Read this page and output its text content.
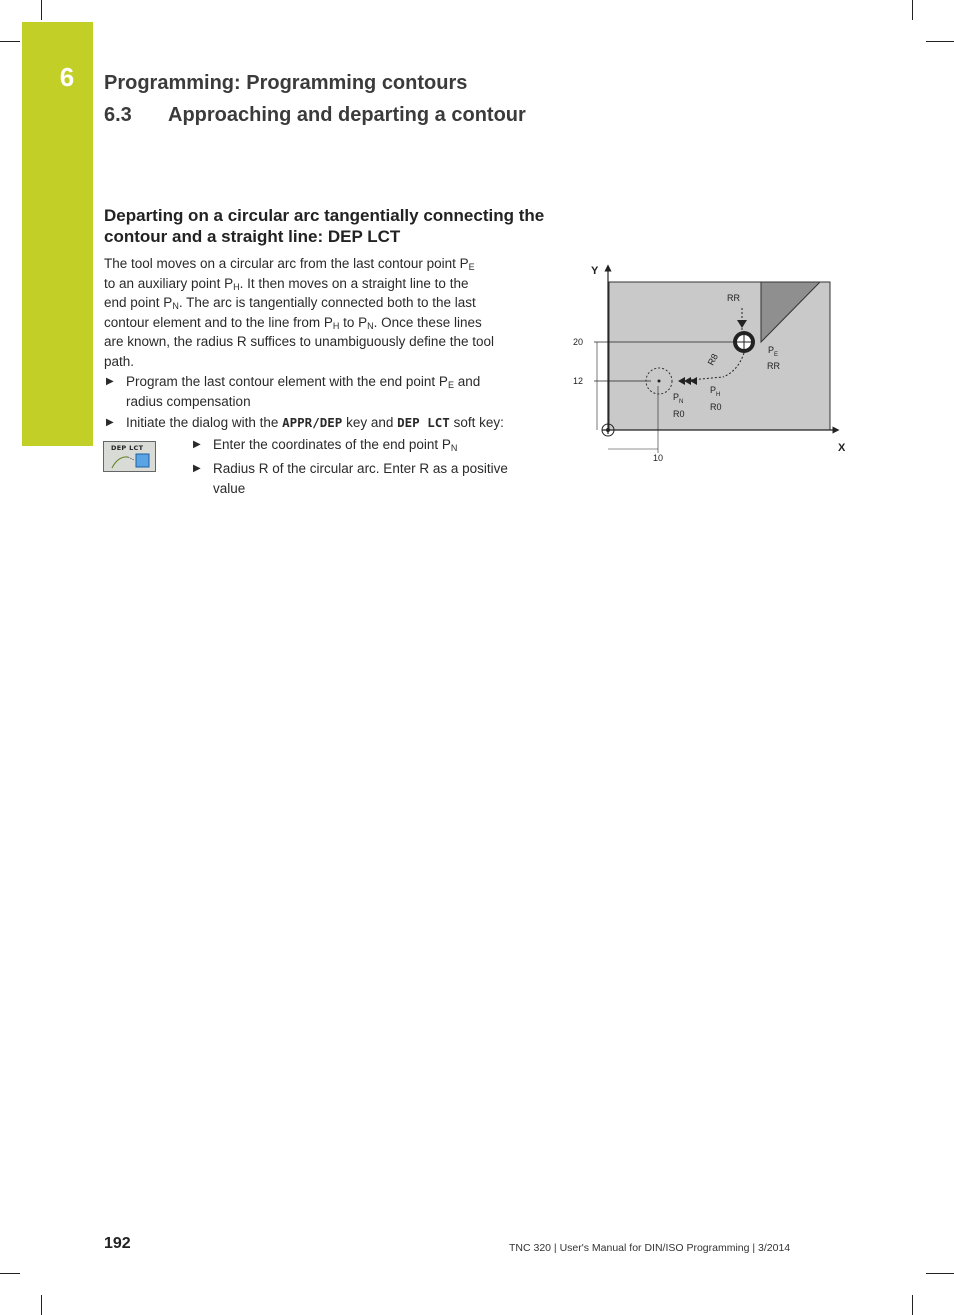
6	Programming: Programming contours
6.3 Approaching and departing a contour
Departing on a circular arc tangentially connecting the contour and a straight line: DEP LCT
The tool moves on a circular arc from the last contour point $P_E$
to an auxiliary point $P_H$. It then moves on a straight line to the
end point $P_N$. The arc is tangentially connected both to the last
contour element and to the line from $P_H$ to $P_N$. Once these lines
are known, the radius R suffices to unambiguously define the tool
path.
▶ Program the last contour element with the end point $P_E$ and
radius compensation
▶ Initiate the dialog with the APPR/DEP key and DEP LCT soft key:
DEP LCT	▶ Enter the coordinates of the end point $P_N$
▶ Radius R of the circular arc. Enter R as a positive
value
Y
X
20
12
10
RR
R8
$P_E$
RR
$P_H$
R0
$P_N$
R0
192	TNC 320 | User's Manual for DIN/ISO Programming | 3/2014
